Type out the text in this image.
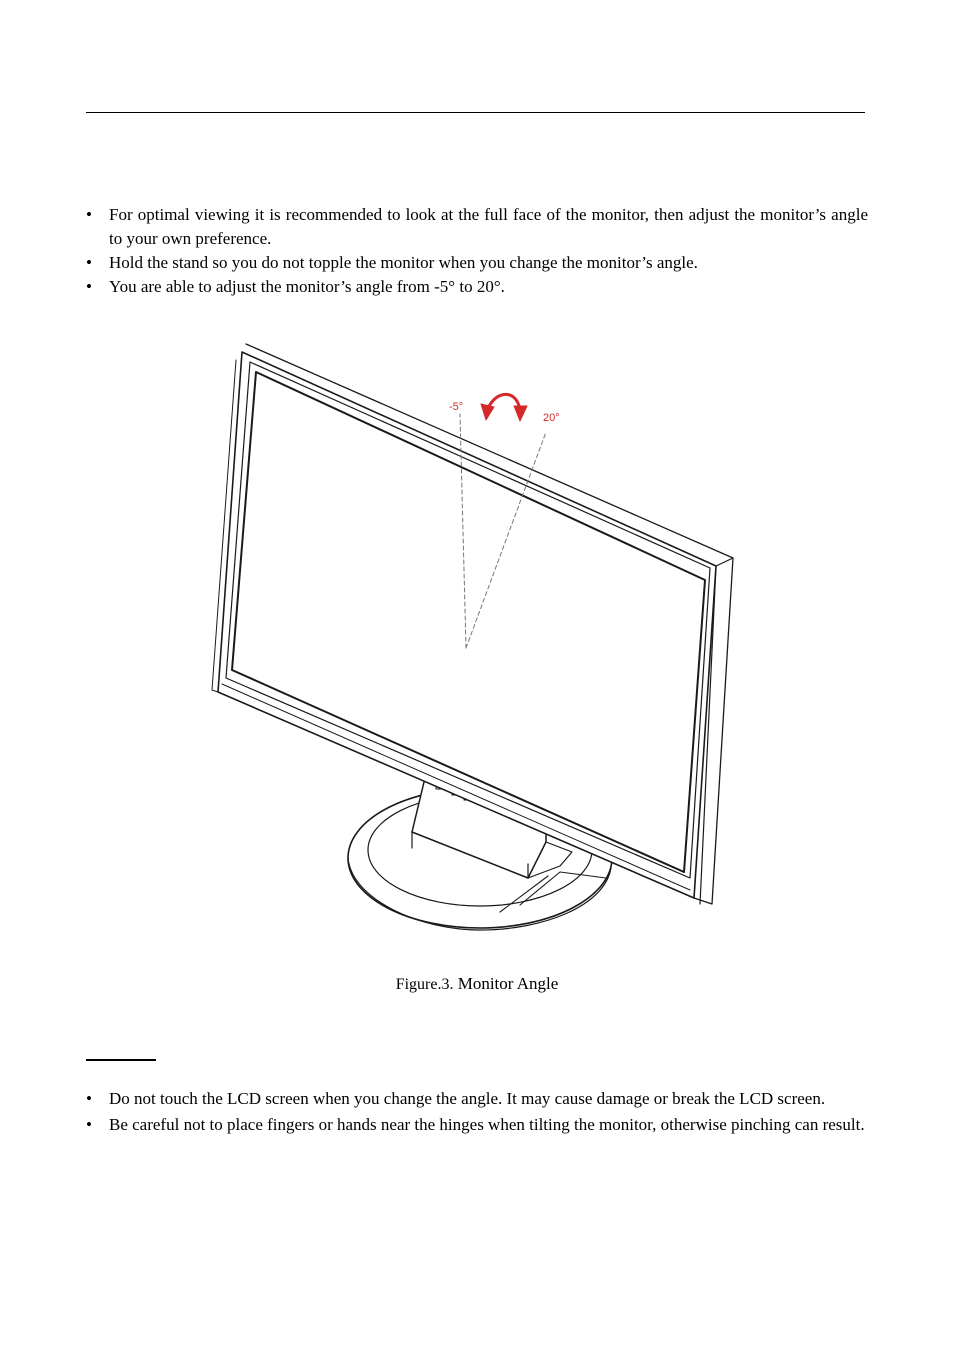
• For optimal viewing it is recommended to look at the full face of the monitor, then adjust the monitor’s angle to your own preference.
• Hold the stand so you do not topple the monitor when you change the monitor’s angle.
• You are able to adjust the monitor’s angle from -5° to 20°.
-5°
20°
Figure.3. Monitor Angle
• Do not touch the LCD screen when you change the angle. It may cause damage or break the LCD screen.
• Be careful not to place fingers or hands near the hinges when tilting the monitor, otherwise pinching can result.
